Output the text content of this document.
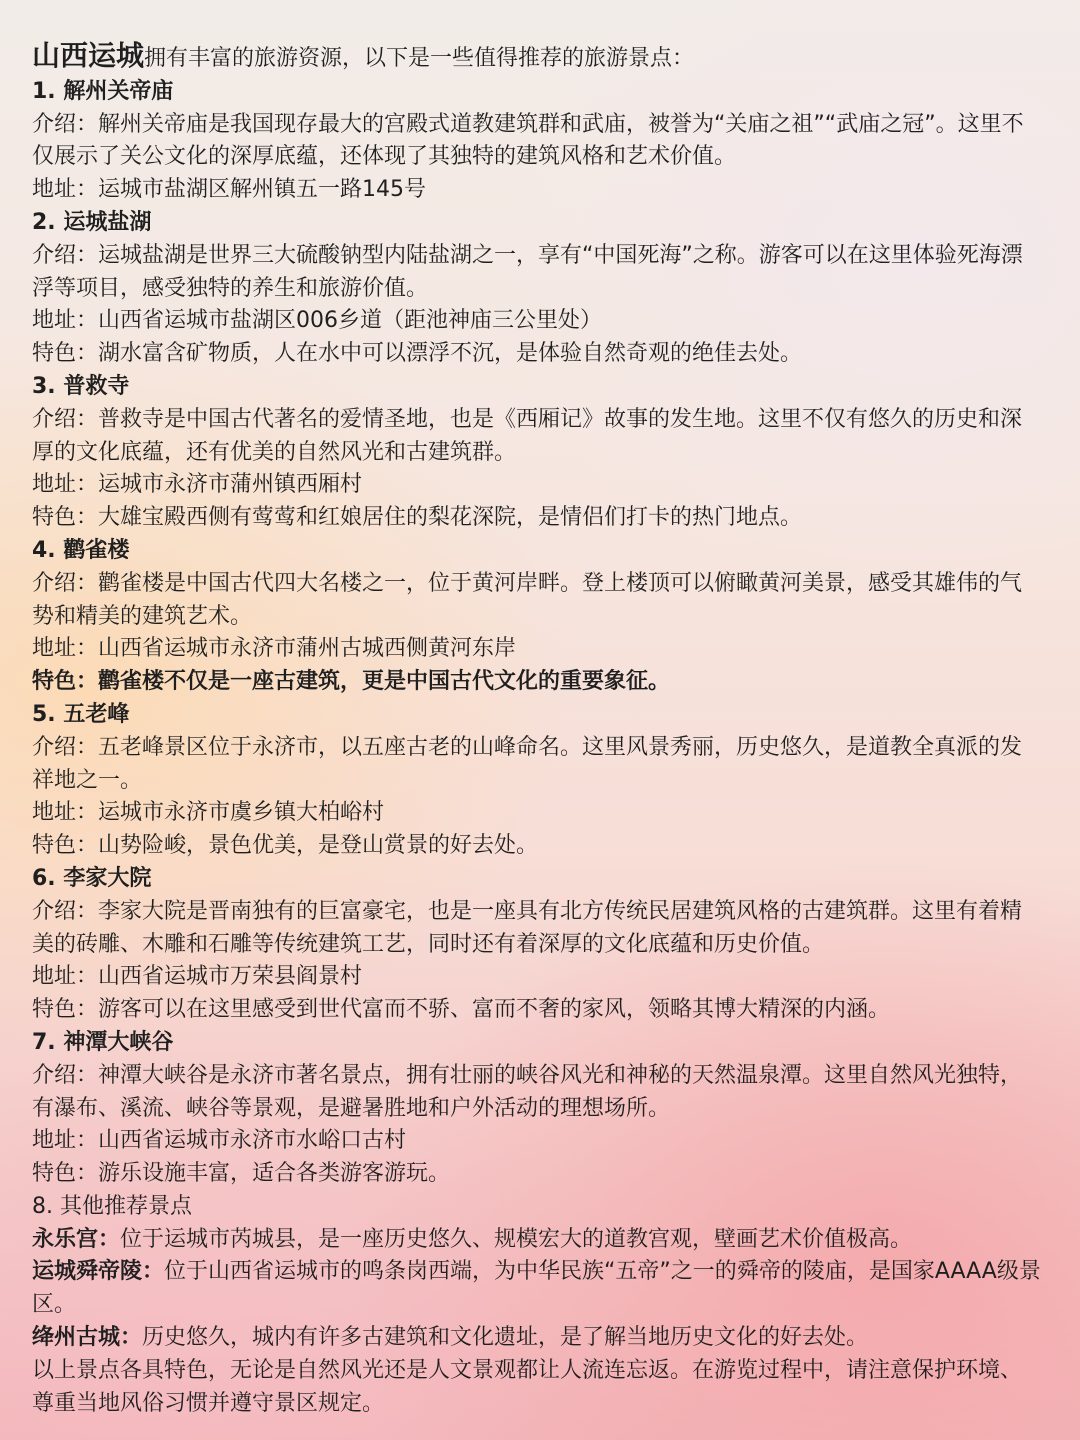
山西运城拥有丰富的旅游资源，以下是一些值得推荐的旅游景点：

1. 解州关帝庙

介绍：解州关帝庙是我国现存最大的宫殿式道教建筑群和武庙，被誉为“关庙之祖”“武庙之冠”。这里不仅展示了关公文化的深厚底蕴，还体现了其独特的建筑风格和艺术价值。

地址：运城市盐湖区解州镇五一路145号

2. 运城盐湖

介绍：运城盐湖是世界三大硫酸钠型内陆盐湖之一，享有“中国死海”之称。游客可以在这里体验死海漂浮等项目，感受独特的养生和旅游价值。

地址：山西省运城市盐湖区006乡道（距池神庙三公里处）

特色：湖水富含矿物质，人在水中可以漂浮不沉，是体验自然奇观的绝佳去处。

3. 普救寺

介绍：普救寺是中国古代著名的爱情圣地，也是《西厢记》故事的发生地。这里不仅有悠久的历史和深厚的文化底蕴，还有优美的自然风光和古建筑群。

地址：运城市永济市蒲州镇西厢村

特色：大雄宝殿西侧有莺莺和红娘居住的梨花深院，是情侣们打卡的热门地点。

4. 鹳雀楼

介绍：鹳雀楼是中国古代四大名楼之一，位于黄河岸畔。登上楼顶可以俯瞰黄河美景，感受其雄伟的气势和精美的建筑艺术。

地址：山西省运城市永济市蒲州古城西侧黄河东岸

特色：鹳雀楼不仅是一座古建筑，更是中国古代文化的重要象征。

5. 五老峰

介绍：五老峰景区位于永济市，以五座古老的山峰命名。这里风景秀丽，历史悠久，是道教全真派的发祥地之一。

地址：运城市永济市虞乡镇大柏峪村

特色：山势险峻，景色优美，是登山赏景的好去处。

6. 李家大院

介绍：李家大院是晋南独有的巨富豪宅，也是一座具有北方传统民居建筑风格的古建筑群。这里有着精美的砖雕、木雕和石雕等传统建筑工艺，同时还有着深厚的文化底蕴和历史价值。

地址：山西省运城市万荣县阎景村

特色：游客可以在这里感受到世代富而不骄、富而不奢的家风，领略其博大精深的内涵。

7. 神潭大峡谷

介绍：神潭大峡谷是永济市著名景点，拥有壮丽的峡谷风光和神秘的天然温泉潭。这里自然风光独特，有瀑布、溪流、峡谷等景观，是避暑胜地和户外活动的理想场所。

地址：山西省运城市永济市水峪口古村

特色：游乐设施丰富，适合各类游客游玩。

8. 其他推荐景点

永乐宫：位于运城市芮城县，是一座历史悠久、规模宏大的道教宫观，壁画艺术价值极高。

运城舜帝陵：位于山西省运城市的鸣条岗西端，为中华民族“五帝”之一的舜帝的陵庙，是国家AAAA级景区。

绛州古城：历史悠久，城内有许多古建筑和文化遗址，是了解当地历史文化的好去处。

以上景点各具特色，无论是自然风光还是人文景观都让人流连忘返。在游览过程中，请注意保护环境、尊重当地风俗习惯并遵守景区规定。
